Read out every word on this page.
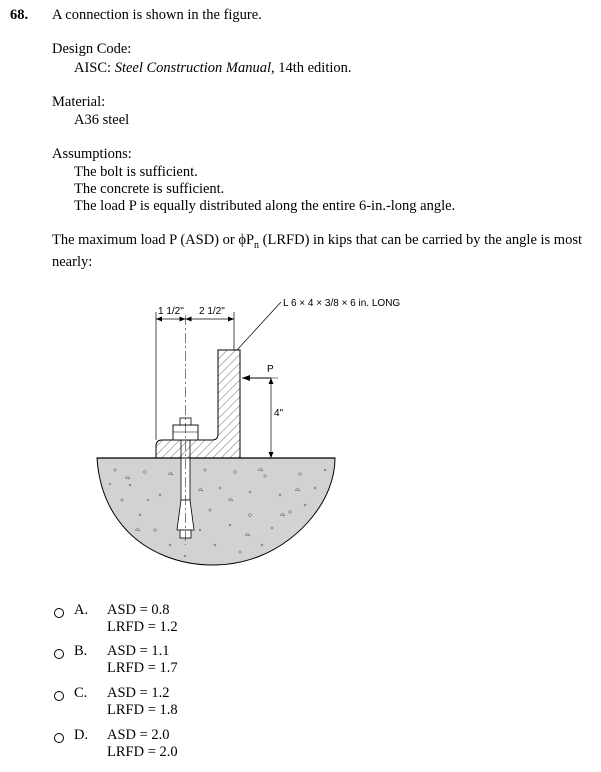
68. A connection is shown in the figure.
Design Code:
AISC: Steel Construction Manual, 14th edition.
Material:
A36 steel
Assumptions:
The bolt is sufficient.
The concrete is sufficient.
The load P is equally distributed along the entire 6-in.-long angle.
The maximum load P (ASD) or $\phi P_n$ (LRFD) in kips that can be carried by the angle is most nearly:
1 1/2" 2 1/2"
L 6 × 4 × 3/8 × 6 in. LONG
P
4"
A. ASD = 0.8
LRFD = 1.2
B. ASD = 1.1
LRFD = 1.7
C. ASD = 1.2
LRFD = 1.8
D. ASD = 2.0
LRFD = 2.0
